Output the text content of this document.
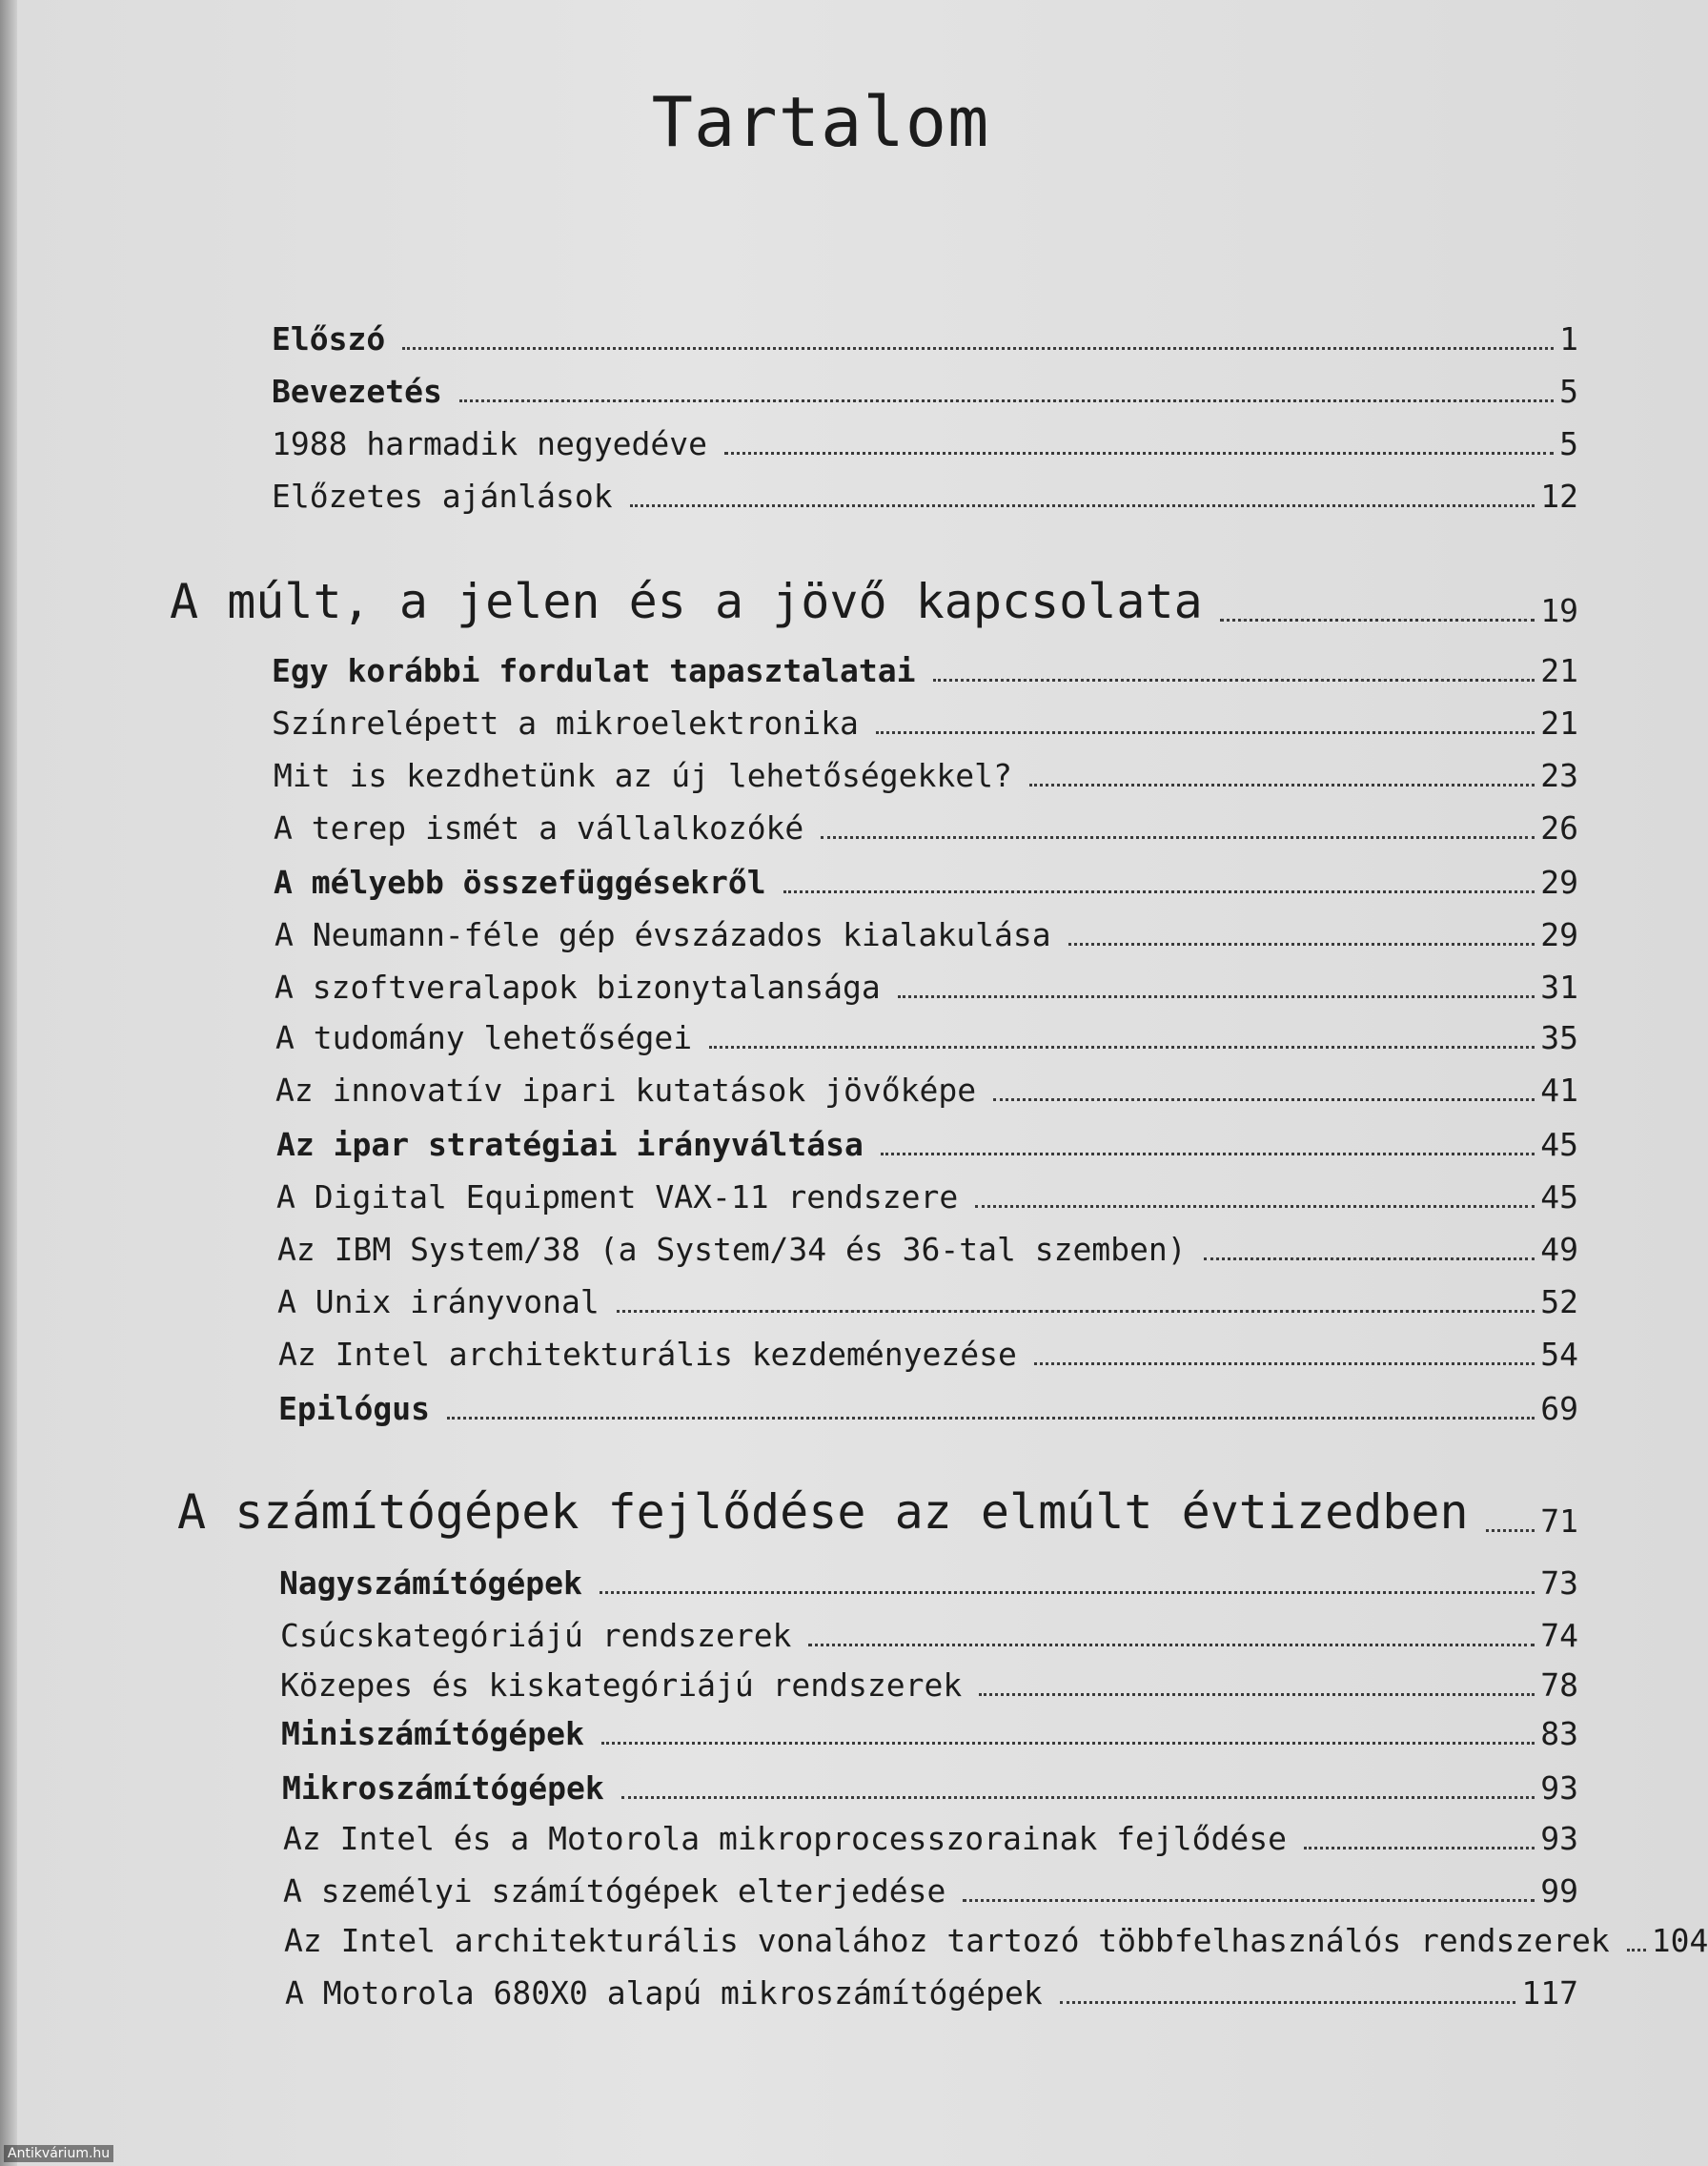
Tartalom
Előszó	1
Bevezetés	5
1988 harmadik negyedéve	5
Előzetes ajánlások	12
A múlt, a jelen és a jövő kapcsolata	19
Egy korábbi fordulat tapasztalatai	21
Színrelépett a mikroelektronika	21
Mit is kezdhetünk az új lehetőségekkel?	23
A terep ismét a vállalkozóké	26
A mélyebb összefüggésekről	29
A Neumann-féle gép évszázados kialakulása	29
A szoftveralapok bizonytalansága	31
A tudomány lehetőségei	35
Az innovatív ipari kutatások jövőképe	41
Az ipar stratégiai irányváltása	45
A Digital Equipment VAX-11 rendszere	45
Az IBM System/38 (a System/34 és 36-tal szemben)	49
A Unix irányvonal	52
Az Intel architekturális kezdeményezése	54
Epilógus	69
A számítógépek fejlődése az elmúlt évtizedben 71
Nagyszámítógépek	73
Csúcskategóriájú rendszerek	74
Közepes és kiskategóriájú rendszerek	78
Miniszámítógépek	83
Mikroszámítógépek	93
Az Intel és a Motorola mikroprocesszorainak fejlődése	93
A személyi számítógépek elterjedése	99
Az Intel architekturális vonalához tartozó többfelhasználós rendszerek 104
A Motorola 680X0 alapú mikroszámítógépek	117
Antikvárium.hu
